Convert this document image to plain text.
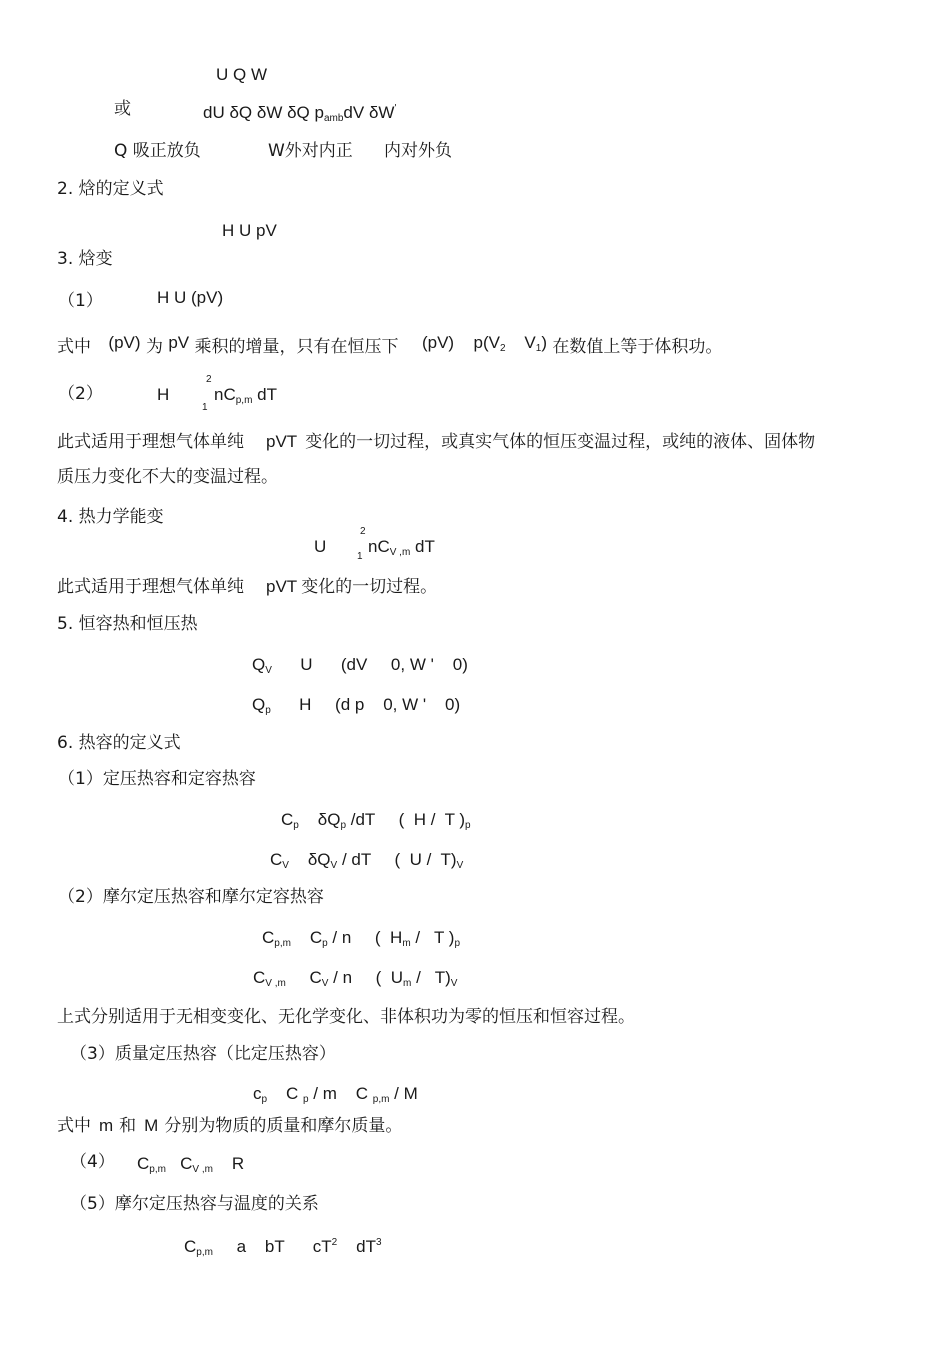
U Q W
或	dU δQ δW δQ pambdV δW'
Q 吸正放负	W外对内正 内对外负
2. 焓的定义式
H U pV
3. 焓变
（1）	H U (pV)
式中 (pV) 为 pV 乘积的增量，只有在恒压下 (pV) p(V2 V1) 在数值上等于体积功。
（2）	H
2
1
nCp,m dT
此式适用于理想气体单纯 pVT 变化的一切过程，或真实气体的恒压变温过程，或纯的液体、固体物
质压力变化不大的变温过程。
4. 热力学能变
U
2
1
nCV ,m dT
此式适用于理想气体单纯 pVT 变化的一切过程。
5. 恒容热和恒压热
QV      U      (dV     0, W '    0)
Qp      H     (d p    0, W '    0)
6. 热容的定义式
（1）定压热容和定容热容
Cp    δQp /dT     (  H /  T )p
CV    δQV / dT     (  U /  T)V
（2）摩尔定压热容和摩尔定容热容
Cp,m    Cp / n     (  Hm /   T )p
CV ,m     CV / n     (  Um /   T)V
上式分别适用于无相变变化、无化学变化、非体积功为零的恒压和恒容过程。
（3）质量定压热容（比定压热容）
cp    C p / m    C p,m / M
式中 m 和 M 分别为物质的质量和摩尔质量。
（4） Cp,m   CV ,m    R
（5）摩尔定压热容与温度的关系
Cp,m     a    bT      $cT^2$    $dT^3$
